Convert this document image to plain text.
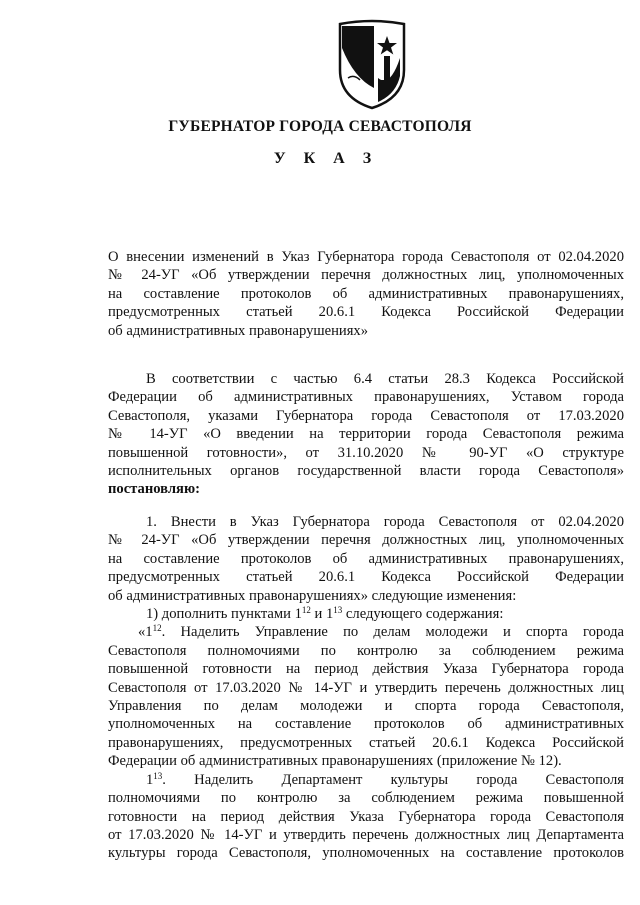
ГУБЕРНАТОР ГОРОДА СЕВАСТОПОЛЯ
У К А З
О внесении изменений в Указ Губернатора города Севастополя от 02.04.2020
№ 24-УГ «Об утверждении перечня должностных лиц, уполномоченных
на составление протоколов об административных правонарушениях,
предусмотренных статьей 20.6.1 Кодекса Российской Федерации
об административных правонарушениях»
В соответствии с частью 6.4 статьи 28.3 Кодекса Российской
Федерации об административных правонарушениях, Уставом города
Севастополя, указами Губернатора города Севастополя от 17.03.2020
№ 14-УГ «О введении на территории города Севастополя режима
повышенной готовности», от 31.10.2020 № 90-УГ «О структуре
исполнительных органов государственной власти города Севастополя»
постановляю:
1. Внести в Указ Губернатора города Севастополя от 02.04.2020
№ 24-УГ «Об утверждении перечня должностных лиц, уполномоченных
на составление протоколов об административных правонарушениях,
предусмотренных статьей 20.6.1 Кодекса Российской Федерации
об административных правонарушениях» следующие изменения:
1) дополнить пунктами $1^{12}$ и $1^{13}$ следующего содержания:
«$1^{12}$. Наделить Управление по делам молодежи и спорта города
Севастополя полномочиями по контролю за соблюдением режима
повышенной готовности на период действия Указа Губернатора города
Севастополя от 17.03.2020 № 14-УГ и утвердить перечень должностных лиц
Управления по делам молодежи и спорта города Севастополя,
уполномоченных на составление протоколов об административных
правонарушениях, предусмотренных статьей 20.6.1 Кодекса Российской
Федерации об административных правонарушениях (приложение № 12).
$1^{13}$. Наделить Департамент культуры города Севастополя
полномочиями по контролю за соблюдением режима повышенной
готовности на период действия Указа Губернатора города Севастополя
от 17.03.2020 № 14-УГ и утвердить перечень должностных лиц Департамента
культуры города Севастополя, уполномоченных на составление протоколов
